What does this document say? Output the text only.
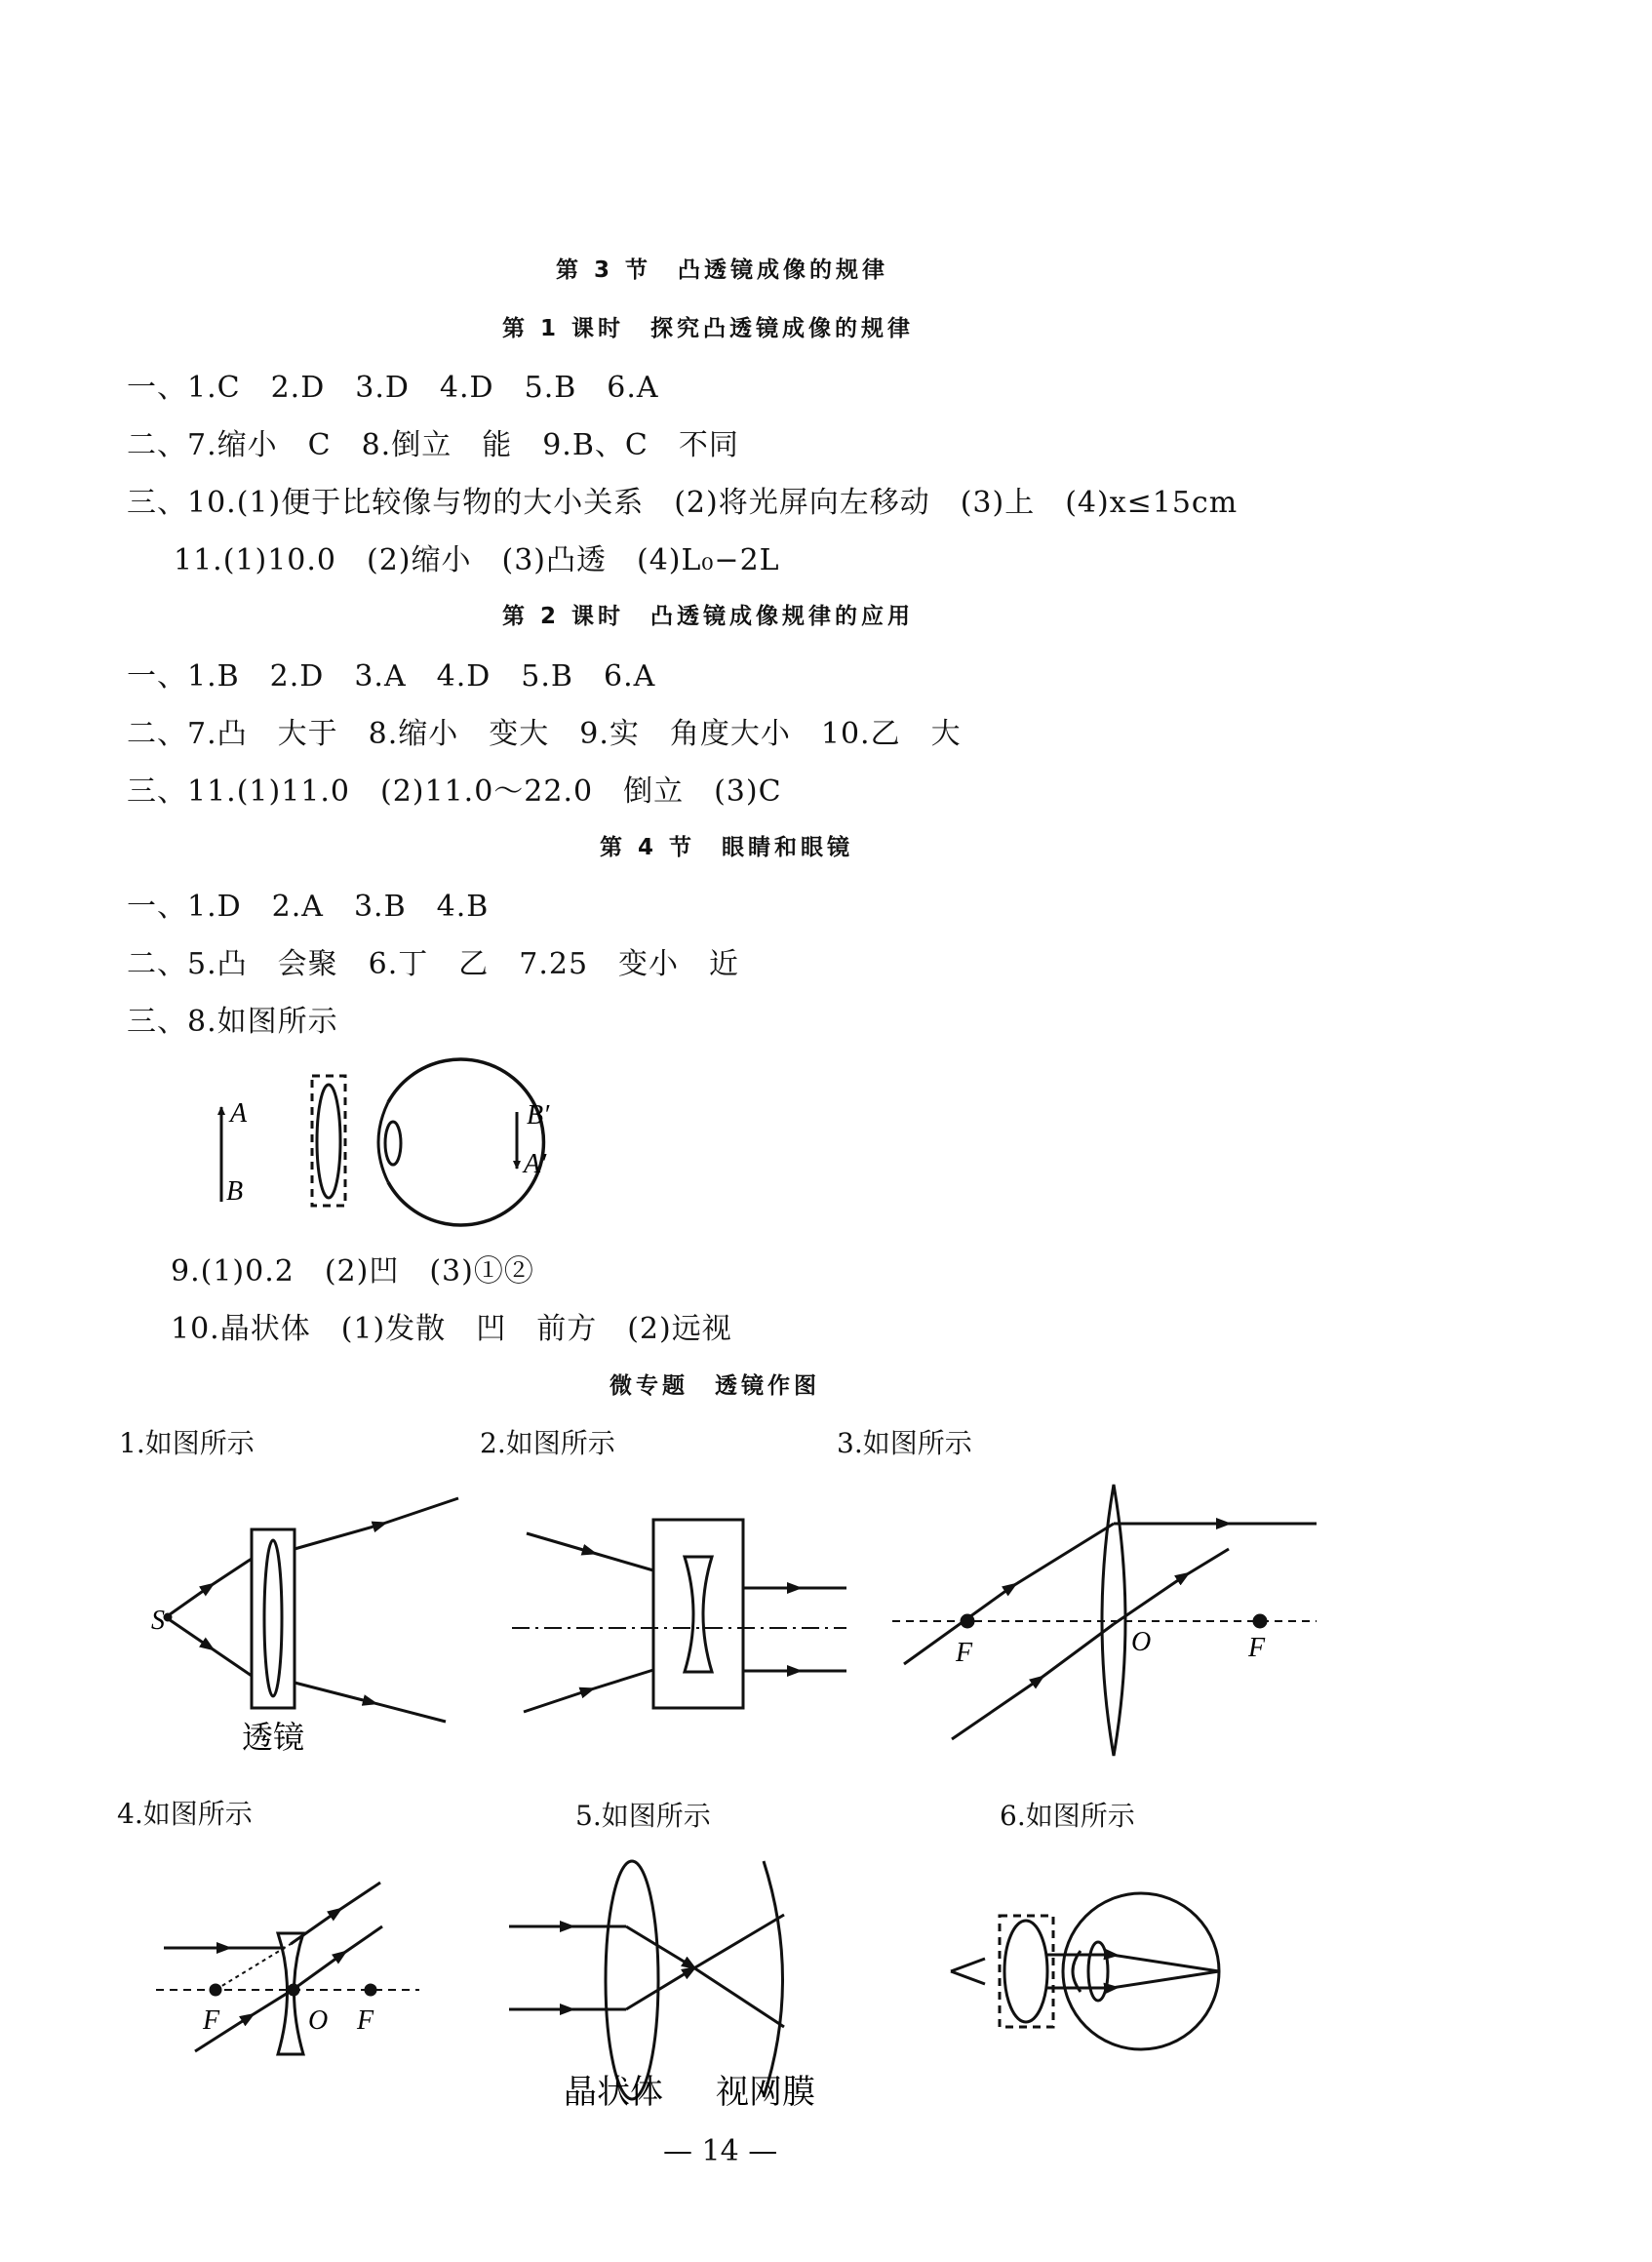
第 3 节　凸透镜成像的规律
第 1 课时　探究凸透镜成像的规律
一、1.C　2.D　3.D　4.D　5.B　6.A
二、7.缩小　C　8.倒立　能　9.B、C　不同
三、10.(1)便于比较像与物的大小关系　(2)将光屏向左移动　(3)上　(4)x≤15cm
11.(1)10.0　(2)缩小　(3)凸透　(4)L₀−2L
第 2 课时　凸透镜成像规律的应用
一、1.B　2.D　3.A　4.D　5.B　6.A
二、7.凸　大于　8.缩小　变大　9.实　角度大小　10.乙　大
三、11.(1)11.0　(2)11.0～22.0　倒立　(3)C
第 4 节　眼睛和眼镜
一、1.D　2.A　3.B　4.B
二、5.凸　会聚　6.丁　乙　7.25　变小　近
三、8.如图所示
A
B
B′
A′
9.(1)0.2　(2)凹　(3)①②
10.晶状体　(1)发散　凹　前方　(2)远视
微专题　透镜作图
1.如图所示	2.如图所示	3.如图所示
S
透镜
F	O	F
4.如图所示	5.如图所示	6.如图所示
F	O F
晶状体 视网膜
— 14 —
